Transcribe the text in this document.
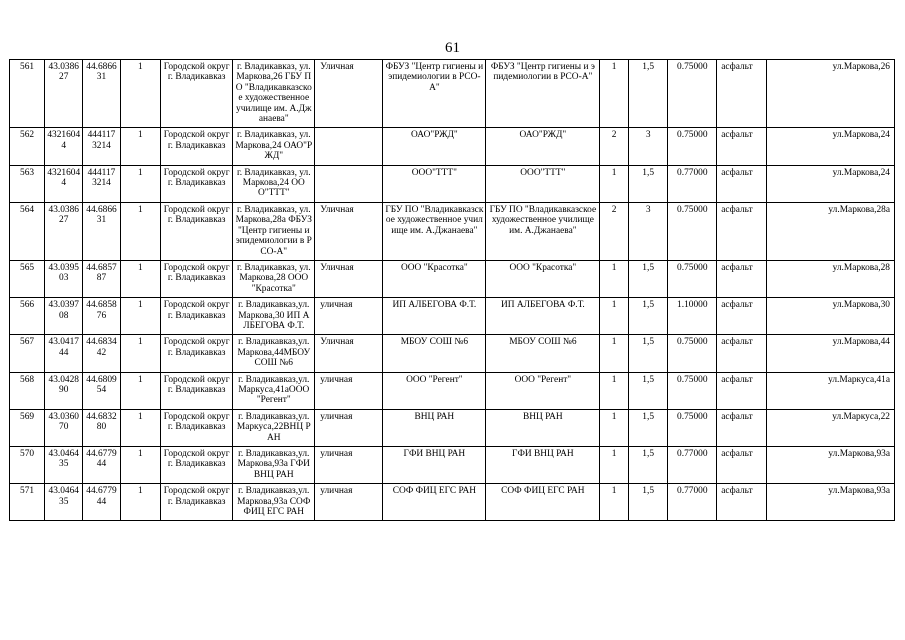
61
561	43.038627	44.686631	1	Городской округ г. Владикавказ	г. Владикавказ, ул.Маркова,26 ГБУ ПО "Владикавказское художественное училище им. А.Джанаева"	Уличная	ФБУЗ "Центр гигиены и эпидемиологии в РСО-А"	ФБУЗ "Центр гигиены и эпидемиологии в РСО-А"	1	1,5	0.75000	асфальт	ул.Маркова,26
562	43216044	4441173214	1	Городской округ г. Владикавказ	г. Владикавказ, ул.Маркова,24 ОАО"РЖД"		ОАО"РЖД"	ОАО"РЖД"	2	3	0.75000	асфальт	ул.Маркова,24
563	43216044	4441173214	1	Городской округ г. Владикавказ	г. Владикавказ, ул.Маркова,24 ООО"ТТТ"		ООО"ТТТ"	ООО"ТТТ"	1	1,5	0.77000	асфальт	ул.Маркова,24
564	43.038627	44.686631	1	Городской округ г. Владикавказ	г. Владикавказ, ул.Маркова,28а ФБУЗ "Центр гигиены и эпидемиологии в РСО-А"	Уличная	ГБУ ПО "Владикавказское художественное училище им. А.Джанаева"	ГБУ ПО "Владикавказское художественное училище им. А.Джанаева"	2	3	0.75000	асфальт	ул.Маркова,28а
565	43.039503	44.685787	1	Городской округ г. Владикавказ	г. Владикавказ, ул.Маркова,28 ООО "Красотка"	Уличная	ООО "Красотка"	ООО "Красотка"	1	1,5	0.75000	асфальт	ул.Маркова,28
566	43.039708	44.685876	1	Городской округ г. Владикавказ	г. Владикавказ,ул.Маркова,30 ИП АЛБЕГОВА Ф.Т.	уличная	ИП АЛБЕГОВА Ф.Т.	ИП АЛБЕГОВА Ф.Т.	1	1,5	1.10000	асфальт	ул.Маркова,30
567	43.041744	44.683442	1	Городской округ г. Владикавказ	г. Владикавказ,ул.Маркова,44МБОУ СОШ №6	Уличная	МБОУ СОШ №6	МБОУ СОШ №6	1	1,5	0.75000	асфальт	ул.Маркова,44
568	43.042890	44.680954	1	Городской округ г. Владикавказ	г. Владикавказ,ул.Маркуса,41аООО "Регент"	уличная	ООО "Регент"	ООО "Регент"	1	1,5	0.75000	асфальт	ул.Маркуса,41а
569	43.036070	44.683280	1	Городской округ г. Владикавказ	г. Владикавказ,ул.Маркуса,22ВНЦ РАН	уличная	ВНЦ РАН	ВНЦ РАН	1	1,5	0.75000	асфальт	ул.Маркуса,22
570	43.046435	44.677944	1	Городской округ г. Владикавказ	г. Владикавказ,ул.Маркова,93а ГФИ ВНЦ РАН	уличная	ГФИ ВНЦ РАН	ГФИ ВНЦ РАН	1	1,5	0.77000	асфальт	ул.Маркова,93а
571	43.046435	44.677944	1	Городской округ г. Владикавказ	г. Владикавказ,ул.Маркова,93а СОФ ФИЦ ЕГС РАН	уличная	СОФ ФИЦ ЕГС РАН	СОФ ФИЦ ЕГС РАН	1	1,5	0.77000	асфальт	ул.Маркова,93а
